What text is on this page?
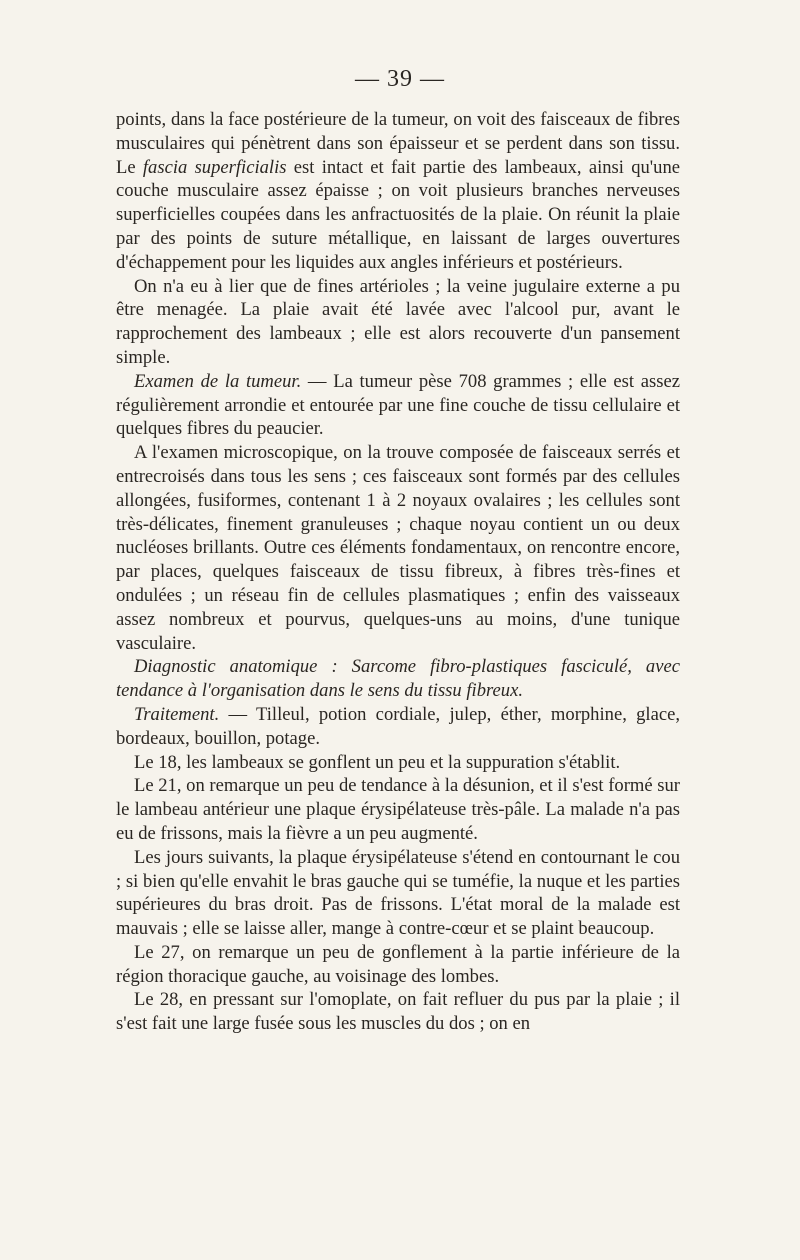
— 39 —

points, dans la face postérieure de la tumeur, on voit des faisceaux de fibres musculaires qui pénètrent dans son épaisseur et se perdent dans son tissu. Le fascia superficialis est intact et fait partie des lambeaux, ainsi qu'une couche musculaire assez épaisse ; on voit plusieurs branches nerveuses superficielles coupées dans les anfractuosités de la plaie. On réunit la plaie par des points de suture métallique, en laissant de larges ouvertures d'échappement pour les liquides aux angles inférieurs et postérieurs.

On n'a eu à lier que de fines artérioles ; la veine jugulaire externe a pu être menagée. La plaie avait été lavée avec l'alcool pur, avant le rapprochement des lambeaux ; elle est alors recouverte d'un pansement simple.

Examen de la tumeur. — La tumeur pèse 708 grammes ; elle est assez régulièrement arrondie et entourée par une fine couche de tissu cellulaire et quelques fibres du peaucier.

A l'examen microscopique, on la trouve composée de faisceaux serrés et entrecroisés dans tous les sens ; ces faisceaux sont formés par des cellules allongées, fusiformes, contenant 1 à 2 noyaux ovalaires ; les cellules sont très-délicates, finement granuleuses ; chaque noyau contient un ou deux nucléoses brillants. Outre ces éléments fondamentaux, on rencontre encore, par places, quelques faisceaux de tissu fibreux, à fibres très-fines et ondulées ; un réseau fin de cellules plasmatiques ; enfin des vaisseaux assez nombreux et pourvus, quelques-uns au moins, d'une tunique vasculaire.

Diagnostic anatomique : Sarcome fibro-plastiques fasciculé, avec tendance à l'organisation dans le sens du tissu fibreux.

Traitement. — Tilleul, potion cordiale, julep, éther, morphine, glace, bordeaux, bouillon, potage.

Le 18, les lambeaux se gonflent un peu et la suppuration s'établit.

Le 21, on remarque un peu de tendance à la désunion, et il s'est formé sur le lambeau antérieur une plaque érysipélateuse très-pâle. La malade n'a pas eu de frissons, mais la fièvre a un peu augmenté.

Les jours suivants, la plaque érysipélateuse s'étend en contournant le cou ; si bien qu'elle envahit le bras gauche qui se tuméfie, la nuque et les parties supérieures du bras droit. Pas de frissons. L'état moral de la malade est mauvais ; elle se laisse aller, mange à contre-cœur et se plaint beaucoup.

Le 27, on remarque un peu de gonflement à la partie inférieure de la région thoracique gauche, au voisinage des lombes.

Le 28, en pressant sur l'omoplate, on fait refluer du pus par la plaie ; il s'est fait une large fusée sous les muscles du dos ; on en
